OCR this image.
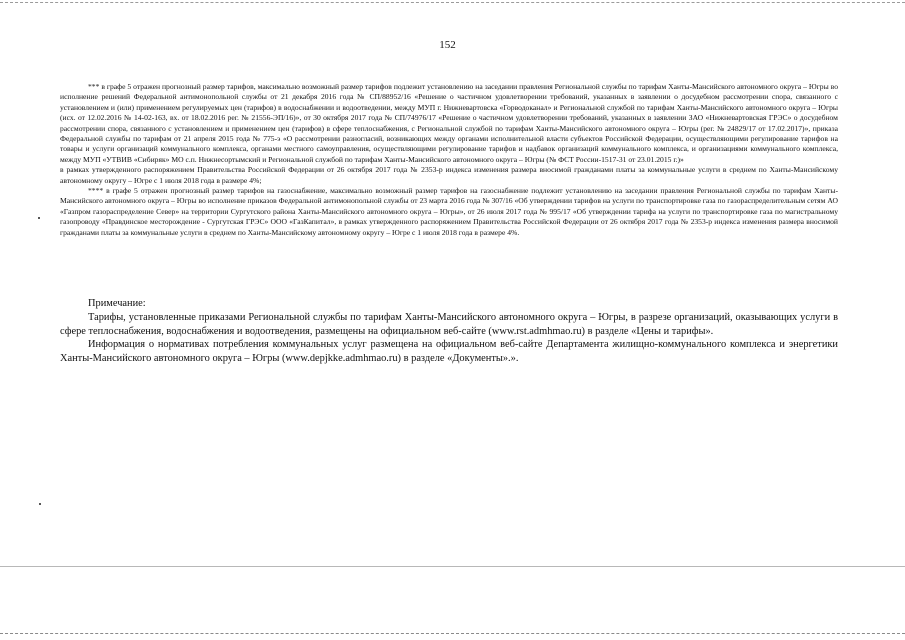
152

*** в графе 5 отражен прогнозный размер тарифов, максимально возможный размер тарифов подлежит установлению на заседании правления Региональной службы по тарифам Ханты-Мансийского автономного округа – Югры во исполнение решений Федеральной антимонопольной службы от 21 декабря 2016 года № СП/88952/16 «Решение о частичном удовлетворении требований, указанных в заявлении о досудебном рассмотрении спора, связанного с установлением и (или) применением регулируемых цен (тарифов) в водоснабжении и водоотведении, между МУП г. Нижневартовска «Горводоканал» и Региональной службой по тарифам Ханты-Мансийского автономного округа – Югры (исх. от 12.02.2016 № 14-02-163, вх. от 18.02.2016 рег. № 21556-ЭП/16)», от 30 октября 2017 года № СП/74976/17 «Решение о частичном удовлетворении требований, указанных в заявлении ЗАО «Нижневартовская ГРЭС» о досудебном рассмотрении спора, связанного с установлением и применением цен (тарифов) в сфере теплоснабжения, с Региональной службой по тарифам Ханты-Мансийского автономного округа – Югры (рег. № 24829/17 от 17.02.2017)», приказа Федеральной службы по тарифам от 21 апреля 2015 года № 775-э «О рассмотрении разногласий, возникающих между органами исполнительной власти субъектов Российской Федерации, осуществляющими регулирование тарифов на товары и услуги организаций коммунального комплекса, органами местного самоуправления, осуществляющими регулирование тарифов и надбавок организаций коммунального комплекса, и организациями коммунального комплекса, между МУП «УТВИВ «Сибиряк» МО с.п. Нижнесортымский и Региональной службой по тарифам Ханты-Мансийского автономного округа – Югры (№ ФСТ России-1517-31 от 23.01.2015 г.)»

в рамках утвержденного распоряжением Правительства Российской Федерации от 26 октября 2017 года № 2353-р индекса изменения размера вносимой гражданами платы за коммунальные услуги в среднем по Ханты-Мансийскому автономному округу – Югре с 1 июля 2018 года в размере 4%;

**** в графе 5 отражен прогнозный размер тарифов на газоснабжение, максимально возможный размер тарифов на газоснабжение подлежит установлению на заседании правления Региональной службы по тарифам Ханты-Мансийского автономного округа – Югры во исполнение приказов Федеральной антимонопольной службы от 23 марта 2016 года № 307/16 «Об утверждении тарифов на услуги по транспортировке газа по газораспределительным сетям АО «Газпром газораспределение Север» на территории Сургутского района Ханты-Мансийского автономного округа – Югры», от 26 июля 2017 года № 995/17 «Об утверждении тарифа на услуги по транспортировке газа по магистральному газопроводу «Правдинское месторождение - Сургутская ГРЭС» ООО «ГазКапитал», в рамках утвержденного распоряжением Правительства Российской Федерации от 26 октября 2017 года № 2353-р индекса изменения размера вносимой гражданами платы за коммунальные услуги в среднем по Ханты-Мансийскому автономному округу – Югре с 1 июля 2018 года в размере 4%.

Примечание:

Тарифы, установленные приказами Региональной службы по тарифам Ханты-Мансийского автономного округа – Югры, в разрезе организаций, оказывающих услуги в сфере теплоснабжения, водоснабжения и водоотведения, размещены на официальном веб-сайте (www.rst.admhmao.ru) в разделе «Цены и тарифы».

Информация о нормативах потребления коммунальных услуг размещена на официальном веб-сайте Департамента жилищно-коммунального комплекса и энергетики Ханты-Мансийского автономного округа – Югры (www.depjkke.admhmao.ru) в разделе «Документы».».
